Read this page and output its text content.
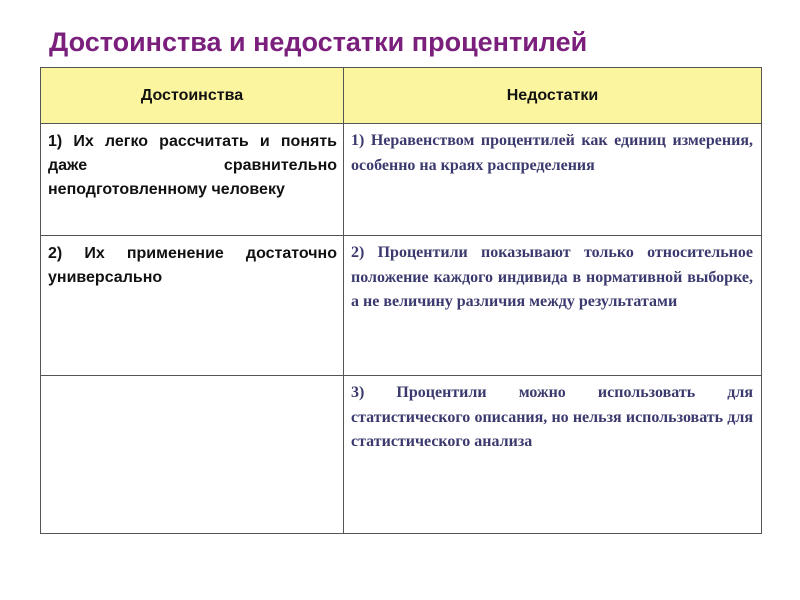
Достоинства и недостатки процентилей
Достоинства	Недостатки

1) Их легко рассчитать и понять даже сравнительно неподготовленному человеку	1) Неравенством процентилей как единиц измерения, особенно на краях распределения

2) Их применение достаточно универсально	2) Процентили показывают только относительное положение каждого индивида в нормативной выборке, а не величину различия между результатами

	3) Процентили можно использовать для статистического описания, но нельзя использовать для статистического анализа
